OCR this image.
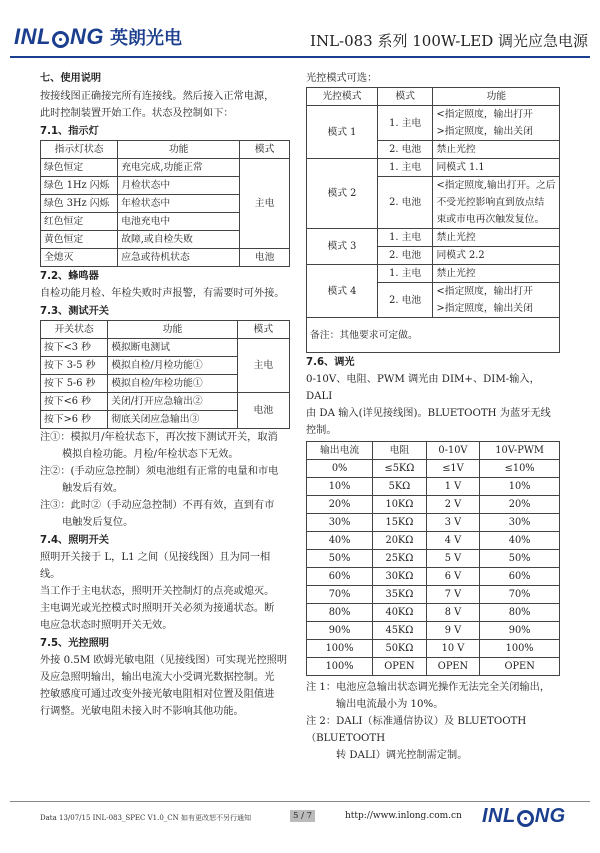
INL NG 英朗光电	INL-083 系列 100W-LED 调光应急电源
七、使用说明

按接线图正确接完所有连接线。然后接入正常电源，

此时控制装置开始工作。状态及控制如下：

7.1、指示灯
指示灯状态	功能	模式
绿色恒定	充电完成,功能正常	主电
绿色 1Hz 闪烁	月检状态中	
绿色 3Hz 闪烁	年检状态中	
红色恒定	电池充电中	
黄色恒定	故障,或自检失败	
全熄灭	应急或待机状态	电池
7.2、蜂鸣器

自检功能月检、年检失败时声报警，有需要时可外接。

7.3、测试开关
开关状态	功能	模式
按下<3 秒	模拟断电测试	主电
按下 3-5 秒	模拟自检/月检功能①	
按下 5-6 秒	模拟自检/年检功能①	
按下<6 秒	关闭/打开应急输出②	电池
按下>6 秒	彻底关闭应急输出③	

注①：模拟月/年检状态下，再次按下测试开关，取消

模拟自检功能。月检/年检状态下无效。

注②：(手动应急控制）须电池组有正常的电量和市电

触发后有效。

注③：此时②（手动应急控制）不再有效，直到有市

电触发后复位。

7.4、照明开关

照明开关接于 L，L1 之间（见接线图）且为同一相线。

当工作于主电状态，照明开关控制灯的点亮或熄灭。

主电调光或光控模式时照明开关必须为接通状态。断

电应急状态时照明开关无效。

7.5、光控照明

外接 0.5M 欧姆光敏电阻（见接线图）可实现光控照明

及应急照明输出，输出电流大小受调光数据控制。光

控敏感度可通过改变外接光敏电阻相对位置及阻值进

行调整。光敏电阻未接入时不影响其他功能。

光控模式可选：

光控模式	模式	功能
模式 1	1. 主电	<指定照度，输出打开
>指定照度，输出关闭

	2. 电池	禁止光控
模式 2	1. 主电	同模式 1.1
	2. 电池	<指定照度,输出打开。之后
不受光控影响直到放点结
束或市电再次触发复位。

模式 3	1. 主电	禁止光控
	2. 电池	同模式 2.2
模式 4	1. 主电	禁止光控
	2. 电池	<指定照度，输出打开
>指定照度，输出关闭

备注：其他要求可定做。		
7.6、调光

0-10V、电阻、PWM 调光由 DIM+、DIM-输入，DALI

由 DA 输入(详见接线图)。BLUETOOTH 为蓝牙无线控制。

输出电流	电阻	0-10V	10V-PWM
0%	≤5KΩ	≤1V	≤10%
10%	5KΩ	1 V	10%
20%	10KΩ	2 V	20%
30%	15KΩ	3 V	30%
40%	20KΩ	4 V	40%
50%	25KΩ	5 V	50%
60%	30KΩ	6 V	60%
70%	35KΩ	7 V	70%
80%	40KΩ	8 V	80%
90%	45KΩ	9 V	90%
100%	50KΩ	10 V	100%
100%	OPEN	OPEN	OPEN

注 1：电池应急输出状态调光操作无法完全关闭输出，

输出电流最小为 10%。

注 2：DALI（标准通信协议）及 BLUETOOTH（BLUETOOTH

转 DALI）调光控制需定制。

Data 13/07/15 INL-083_SPEC V1.0_CN 如有更改恕不另行通知	5 / 7	http://www.inlong.com.cn INL NG
